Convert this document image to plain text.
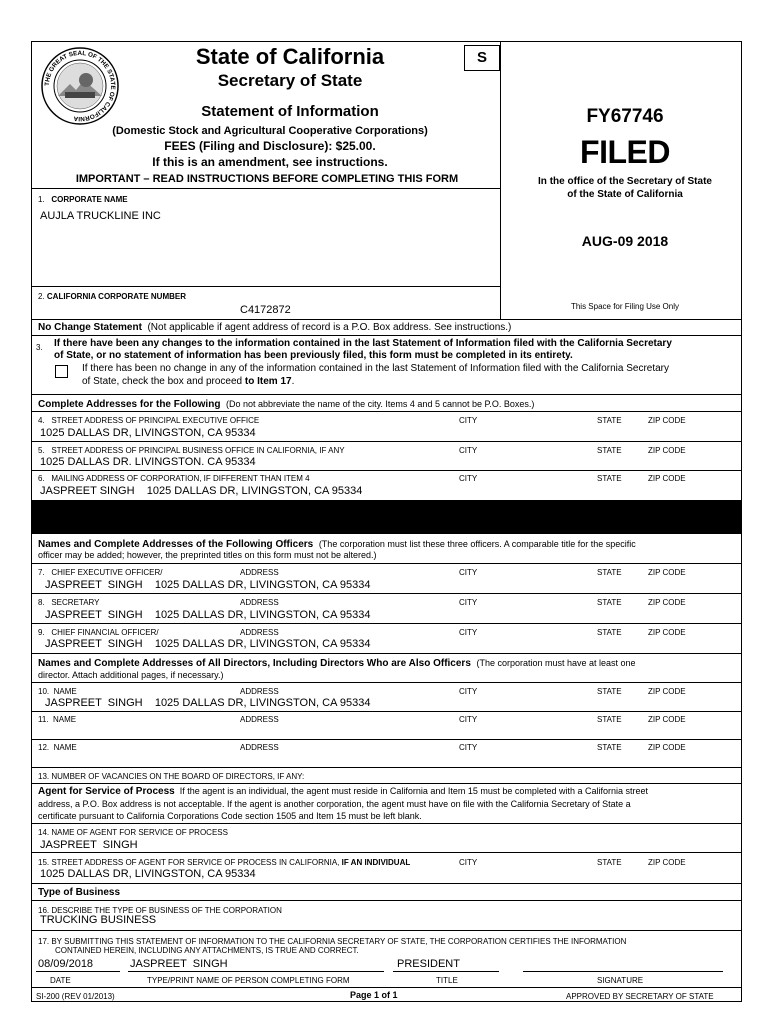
THE GREAT SEAL OF THE STATE OF CALIFORNIA
State of California
Secretary of State
S
Statement of Information
(Domestic Stock and Agricultural Cooperative Corporations)
FEES (Filing and Disclosure): $25.00.
If this is an amendment, see instructions.
IMPORTANT – READ INSTRUCTIONS BEFORE COMPLETING THIS FORM
FY67746
FILED
In the office of the Secretary of State
of the State of California
AUG-09 2018
This Space for Filing Use Only
1. CORPORATE NAME
AUJLA TRUCKLINE INC
2. CALIFORNIA CORPORATE NUMBER
C4172872
No Change Statement (Not applicable if agent address of record is a P.O. Box address. See instructions.)
3. If there have been any changes to the information contained in the last Statement of Information filed with the California Secretary
of State, or no statement of information has been previously filed, this form must be completed in its entirety.
If there has been no change in any of the information contained in the last Statement of Information filed with the California Secretary
of State, check the box and proceed to Item 17.
Complete Addresses for the Following (Do not abbreviate the name of the city. Items 4 and 5 cannot be P.O. Boxes.)
4. STREET ADDRESS OF PRINCIPAL EXECUTIVE OFFICE	CITY	STATE	ZIP CODE
1025 DALLAS DR, LIVINGSTON, CA 95334
5. STREET ADDRESS OF PRINCIPAL BUSINESS OFFICE IN CALIFORNIA, IF ANY	CITY	STATE	ZIP CODE
1025 DALLAS DR. LIVINGSTON. CA 95334
6. MAILING ADDRESS OF CORPORATION, IF DIFFERENT THAN ITEM 4	CITY	STATE	ZIP CODE
JASPREET SINGH    1025 DALLAS DR, LIVINGSTON, CA 95334
Names and Complete Addresses of the Following Officers (The corporation must list these three officers. A comparable title for the specific
officer may be added; however, the preprinted titles on this form must not be altered.)
7. CHIEF EXECUTIVE OFFICER/	ADDRESS	CITY	STATE	ZIP CODE
JASPREET  SINGH    1025 DALLAS DR, LIVINGSTON, CA 95334
8. SECRETARY	ADDRESS	CITY	STATE	ZIP CODE
JASPREET  SINGH    1025 DALLAS DR, LIVINGSTON, CA 95334
9. CHIEF FINANCIAL OFFICER/	ADDRESS	CITY	STATE	ZIP CODE
JASPREET  SINGH    1025 DALLAS DR, LIVINGSTON, CA 95334
Names and Complete Addresses of All Directors, Including Directors Who are Also Officers (The corporation must have at least one
director. Attach additional pages, if necessary.)
10. NAME	ADDRESS	CITY	STATE	ZIP CODE
JASPREET  SINGH    1025 DALLAS DR, LIVINGSTON, CA 95334
11. NAME	ADDRESS	CITY	STATE	ZIP CODE
12. NAME	ADDRESS	CITY	STATE	ZIP CODE
13. NUMBER OF VACANCIES ON THE BOARD OF DIRECTORS, IF ANY:
Agent for Service of Process If the agent is an individual, the agent must reside in California and Item 15 must be completed with a California street
address, a P.O. Box address is not acceptable. If the agent is another corporation, the agent must have on file with the California Secretary of State a
certificate pursuant to California Corporations Code section 1505 and Item 15 must be left blank.
14. NAME OF AGENT FOR SERVICE OF PROCESS
JASPREET  SINGH
15. STREET ADDRESS OF AGENT FOR SERVICE OF PROCESS IN CALIFORNIA, IF AN INDIVIDUAL	CITY	STATE	ZIP CODE
1025 DALLAS DR, LIVINGSTON, CA 95334
Type of Business
16. DESCRIBE THE TYPE OF BUSINESS OF THE CORPORATION
TRUCKING BUSINESS
17. BY SUBMITTING THIS STATEMENT OF INFORMATION TO THE CALIFORNIA SECRETARY OF STATE, THE CORPORATION CERTIFIES THE INFORMATION
CONTAINED HEREIN, INCLUDING ANY ATTACHMENTS, IS TRUE AND CORRECT.
08/09/2018	JASPREET  SINGH	PRESIDENT
DATE	TYPE/PRINT NAME OF PERSON COMPLETING FORM	TITLE	SIGNATURE
SI-200 (REV 01/2013)	Page 1 of 1	APPROVED BY SECRETARY OF STATE
